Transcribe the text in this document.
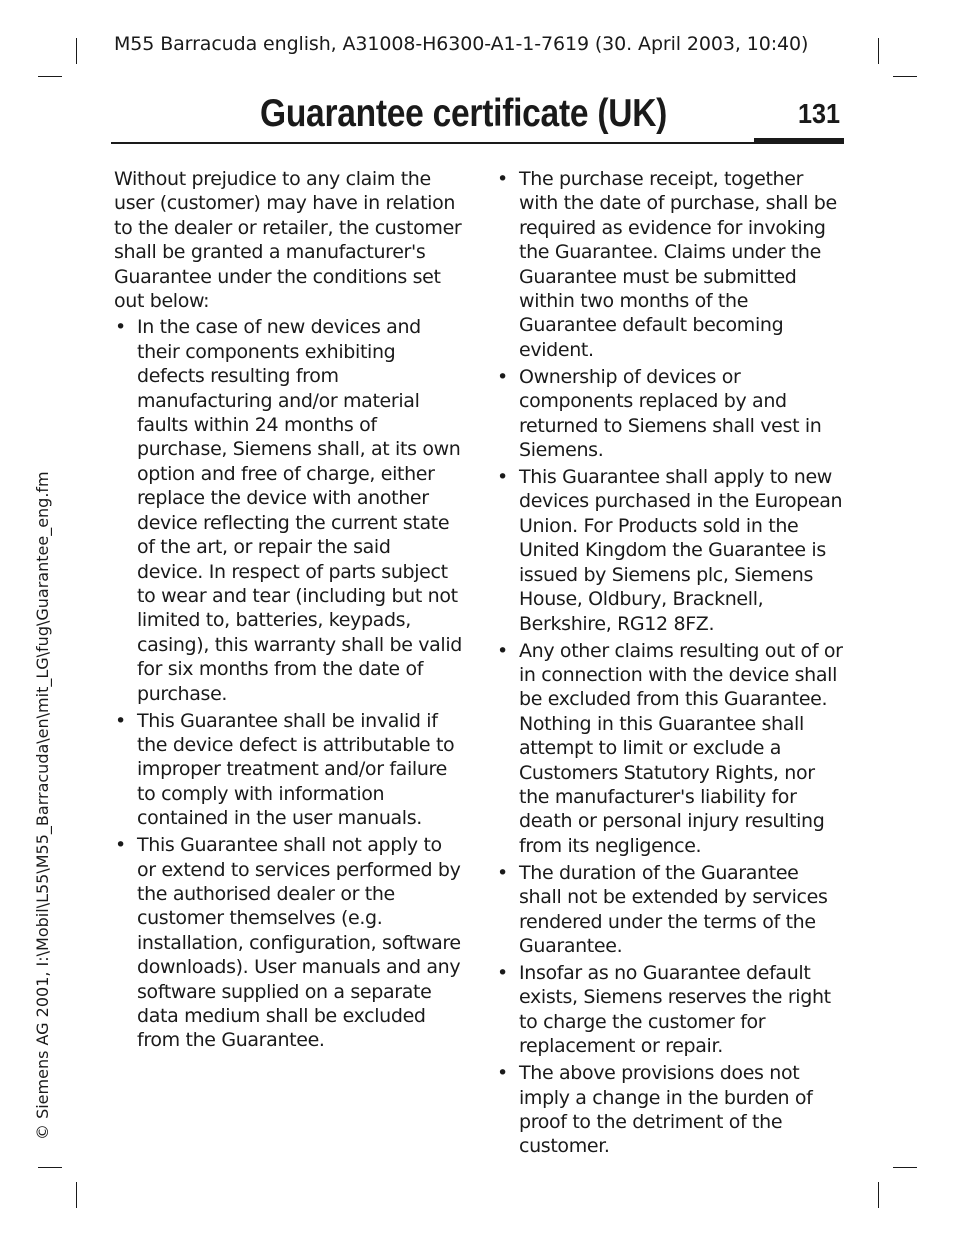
M55 Barracuda english, A31008-H6300-A1-1-7619 (30. April 2003, 10:40)
Guarantee certificate (UK)	131
© Siemens AG 2001, I:\Mobil\L55\M55_Barracuda\en\mit_LG\fug\Guarantee_eng.fm

Without prejudice to any claim the user (customer) may have in relation to the dealer or retailer, the customer shall be granted a manufacturer's Guarantee under the conditions set out below:

• In the case of new devices and their components exhibiting defects resulting from manufacturing and/or material faults within 24 months of purchase, Siemens shall, at its own option and free of charge, either replace the device with another device reflecting the current state of the art, or repair the said device. In respect of parts subject to wear and tear (including but not limited to, batteries, keypads, casing), this warranty shall be valid for six months from the date of purchase.
• This Guarantee shall be invalid if the device defect is attributable to improper treatment and/or failure to comply with information contained in the user manuals.
• This Guarantee shall not apply to or extend to services performed by the authorised dealer or the customer themselves (e.g. installation, configuration, software downloads). User manuals and any software supplied on a separate data medium shall be excluded from the Guarantee.
• The purchase receipt, together with the date of purchase, shall be required as evidence for invoking the Guarantee. Claims under the Guarantee must be submitted within two months of the Guarantee default becoming evident.
• Ownership of devices or components replaced by and returned to Siemens shall vest in Siemens.
• This Guarantee shall apply to new devices purchased in the European Union. For Products sold in the United Kingdom the Guarantee is issued by Siemens plc, Siemens House, Oldbury, Bracknell, Berkshire, RG12 8FZ.
• Any other claims resulting out of or in connection with the device shall be excluded from this Guarantee. Nothing in this Guarantee shall attempt to limit or exclude a Customers Statutory Rights, nor the manufacturer's liability for death or personal injury resulting from its negligence.
• The duration of the Guarantee shall not be extended by services rendered under the terms of the Guarantee.
• Insofar as no Guarantee default exists, Siemens reserves the right to charge the customer for replacement or repair.
• The above provisions does not imply a change in the burden of proof to the detriment of the customer.
